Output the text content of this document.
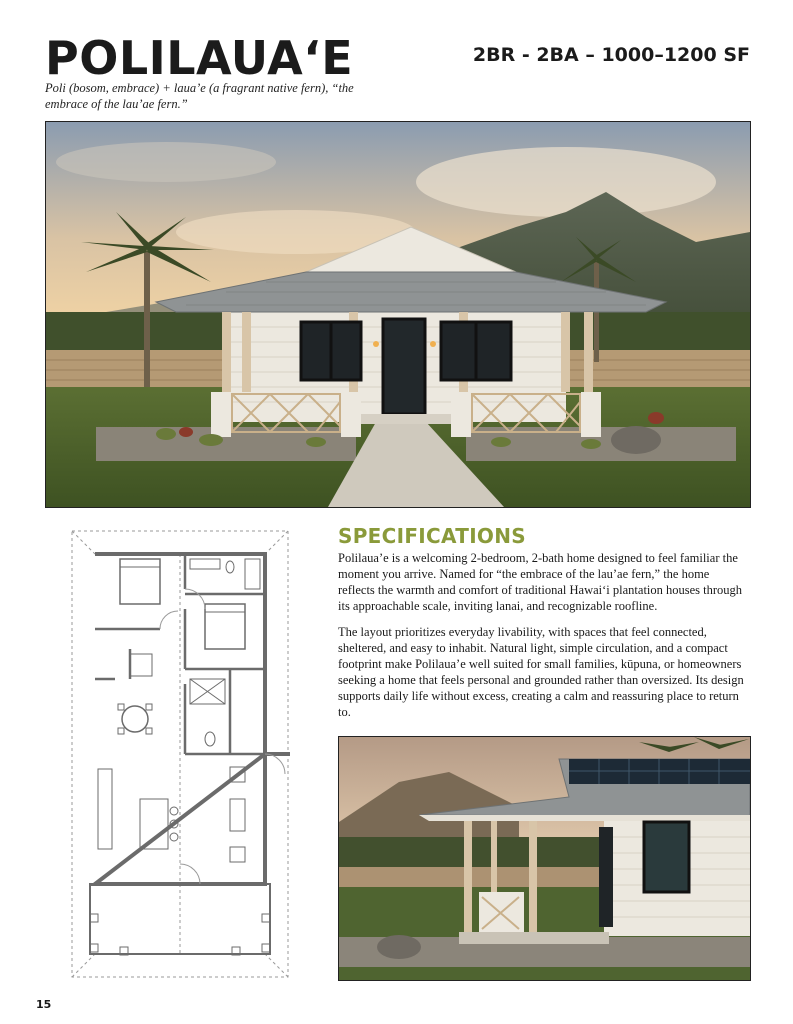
POLILAUA‘E	2BR - 2BA – 1000–1200 SF
Poli (bosom, embrace) + laua’e (a fragrant native fern), “the embrace of the lau’ae fern.”
SPECIFICATIONS

Polilaua’e is a welcoming 2-bedroom, 2-bath home designed to feel familiar the moment you arrive. Named for “the embrace of the lau’ae fern,” the home reflects the warmth and comfort of traditional Hawai‘i plantation houses through its approachable scale, inviting lanai, and recognizable roofline.

The layout prioritizes everyday livability, with spaces that feel connected, sheltered, and easy to inhabit. Natural light, simple circulation, and a compact footprint make Polilaua’e well suited for small families, kūpuna, or homeowners seeking a home that feels personal and grounded rather than oversized. Its design supports daily life without excess, creating a calm and reassuring place to return to.

15
